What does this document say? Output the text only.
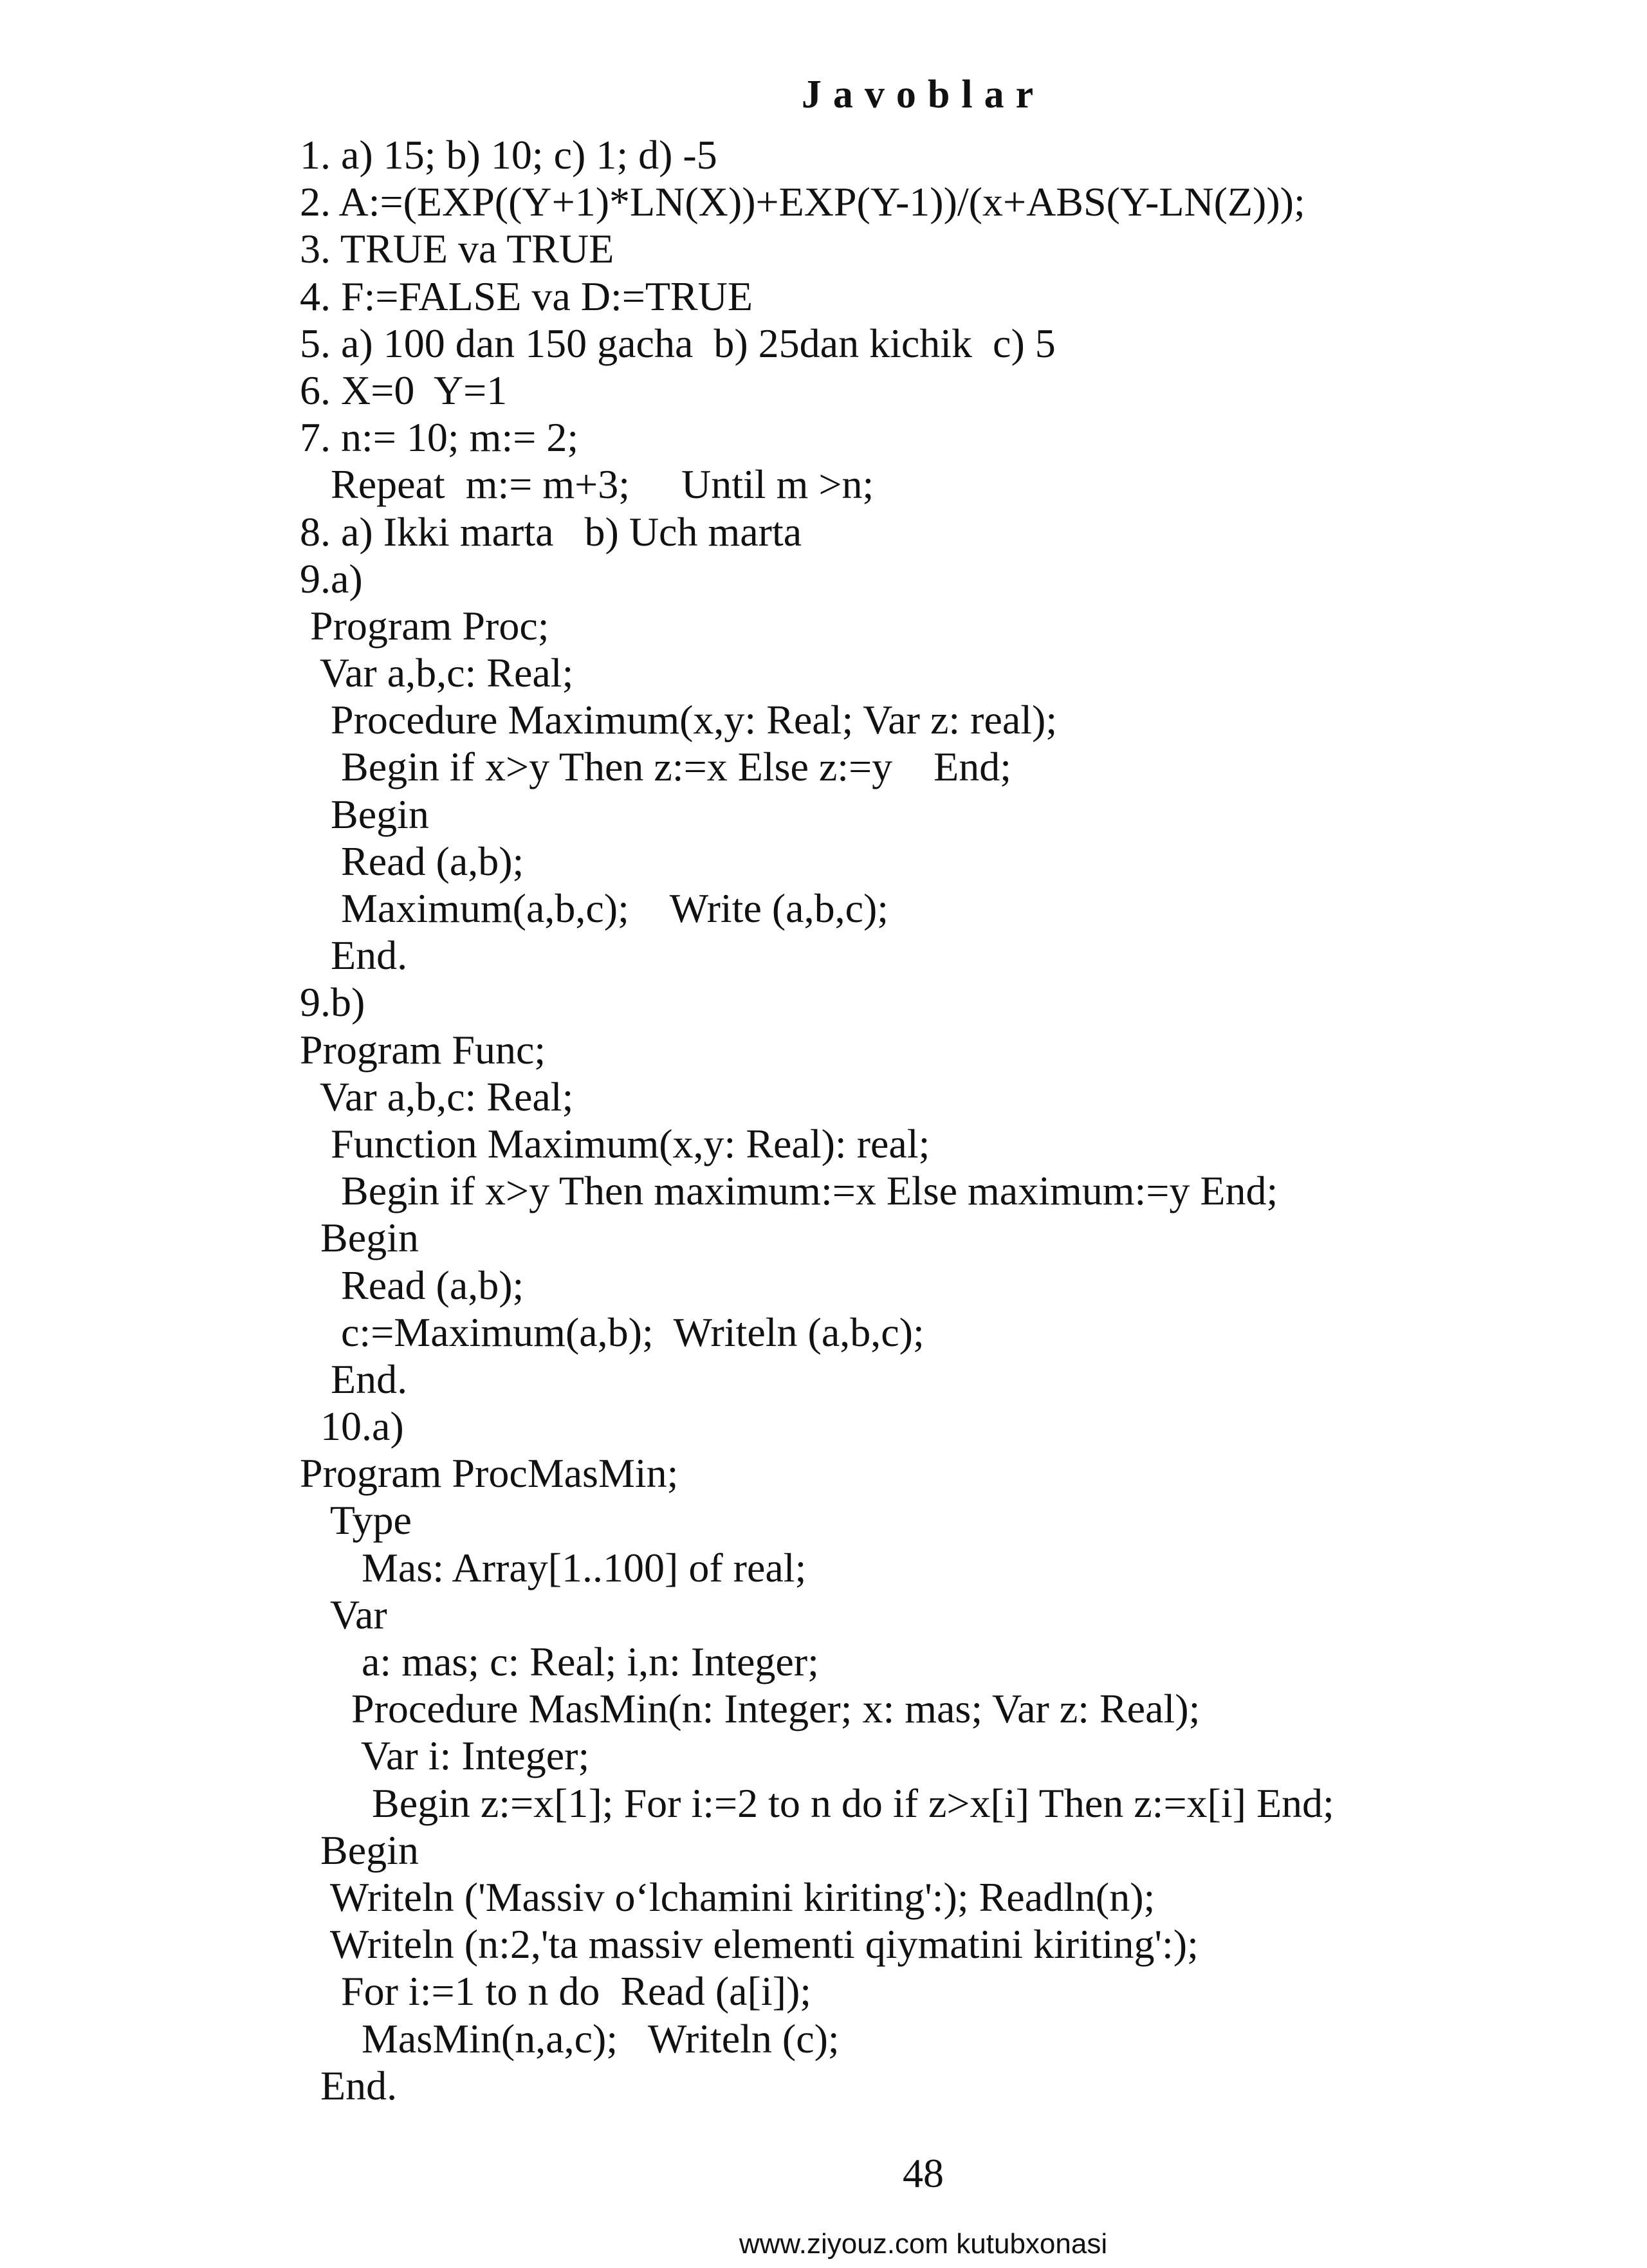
Javoblar
1. a) 15; b) 10; c) 1; d) -5
2. A:=(EXP((Y+1)*LN(X))+EXP(Y-1))/(x+ABS(Y-LN(Z)));
3. TRUE va TRUE
4. F:=FALSE va D:=TRUE
5. a) 100 dan 150 gacha  b) 25dan kichik  c) 5
6. X=0  Y=1
7. n:= 10; m:= 2;
Repeat  m:= m+3;     Until m >n;
8. a) Ikki marta   b) Uch marta
9.a)
Program Proc;
Var a,b,c: Real;
Procedure Maximum(x,y: Real; Var z: real);
Begin if x>y Then z:=x Else z:=y    End;
Begin
Read (a,b);
Maximum(a,b,c);    Write (a,b,c);
End.
9.b)
Program Func;
Var a,b,c: Real;
Function Maximum(x,y: Real): real;
Begin if x>y Then maximum:=x Else maximum:=y End;
Begin
Read (a,b);
c:=Maximum(a,b);  Writeln (a,b,c);
End.
10.a)
Program ProcMasMin;
Type
Mas: Array[1..100] of real;
Var
a: mas; c: Real; i,n: Integer;
Procedure MasMin(n: Integer; x: mas; Var z: Real);
Var i: Integer;
Begin z:=x[1]; For i:=2 to n do if z>x[i] Then z:=x[i] End;
Begin
Writeln ('Massiv o‘lchamini kiriting':); Readln(n);
Writeln (n:2,'ta massiv elementi qiymatini kiriting':);
For i:=1 to n do  Read (a[i]);
MasMin(n,a,c);   Writeln (c);
End.
48
www.ziyouz.com kutubxonasi
